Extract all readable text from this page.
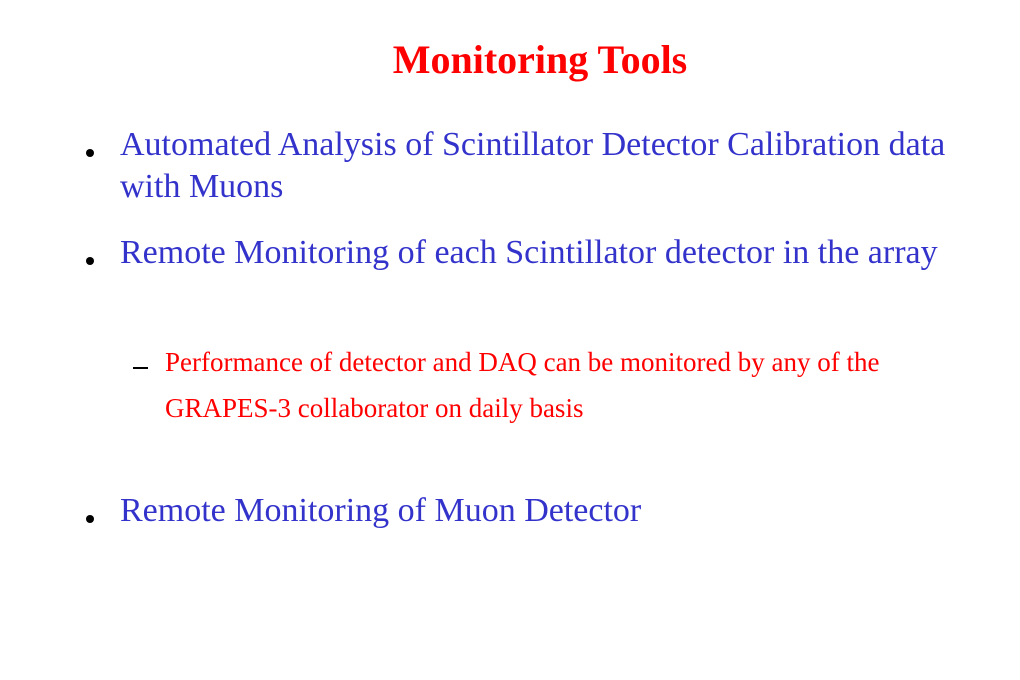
Monitoring Tools
Automated Analysis of Scintillator Detector Calibration data with Muons
Remote Monitoring of each Scintillator detector in the array
Performance of detector and DAQ can be monitored by any of the GRAPES-3 collaborator on daily basis
Remote Monitoring of Muon Detector
